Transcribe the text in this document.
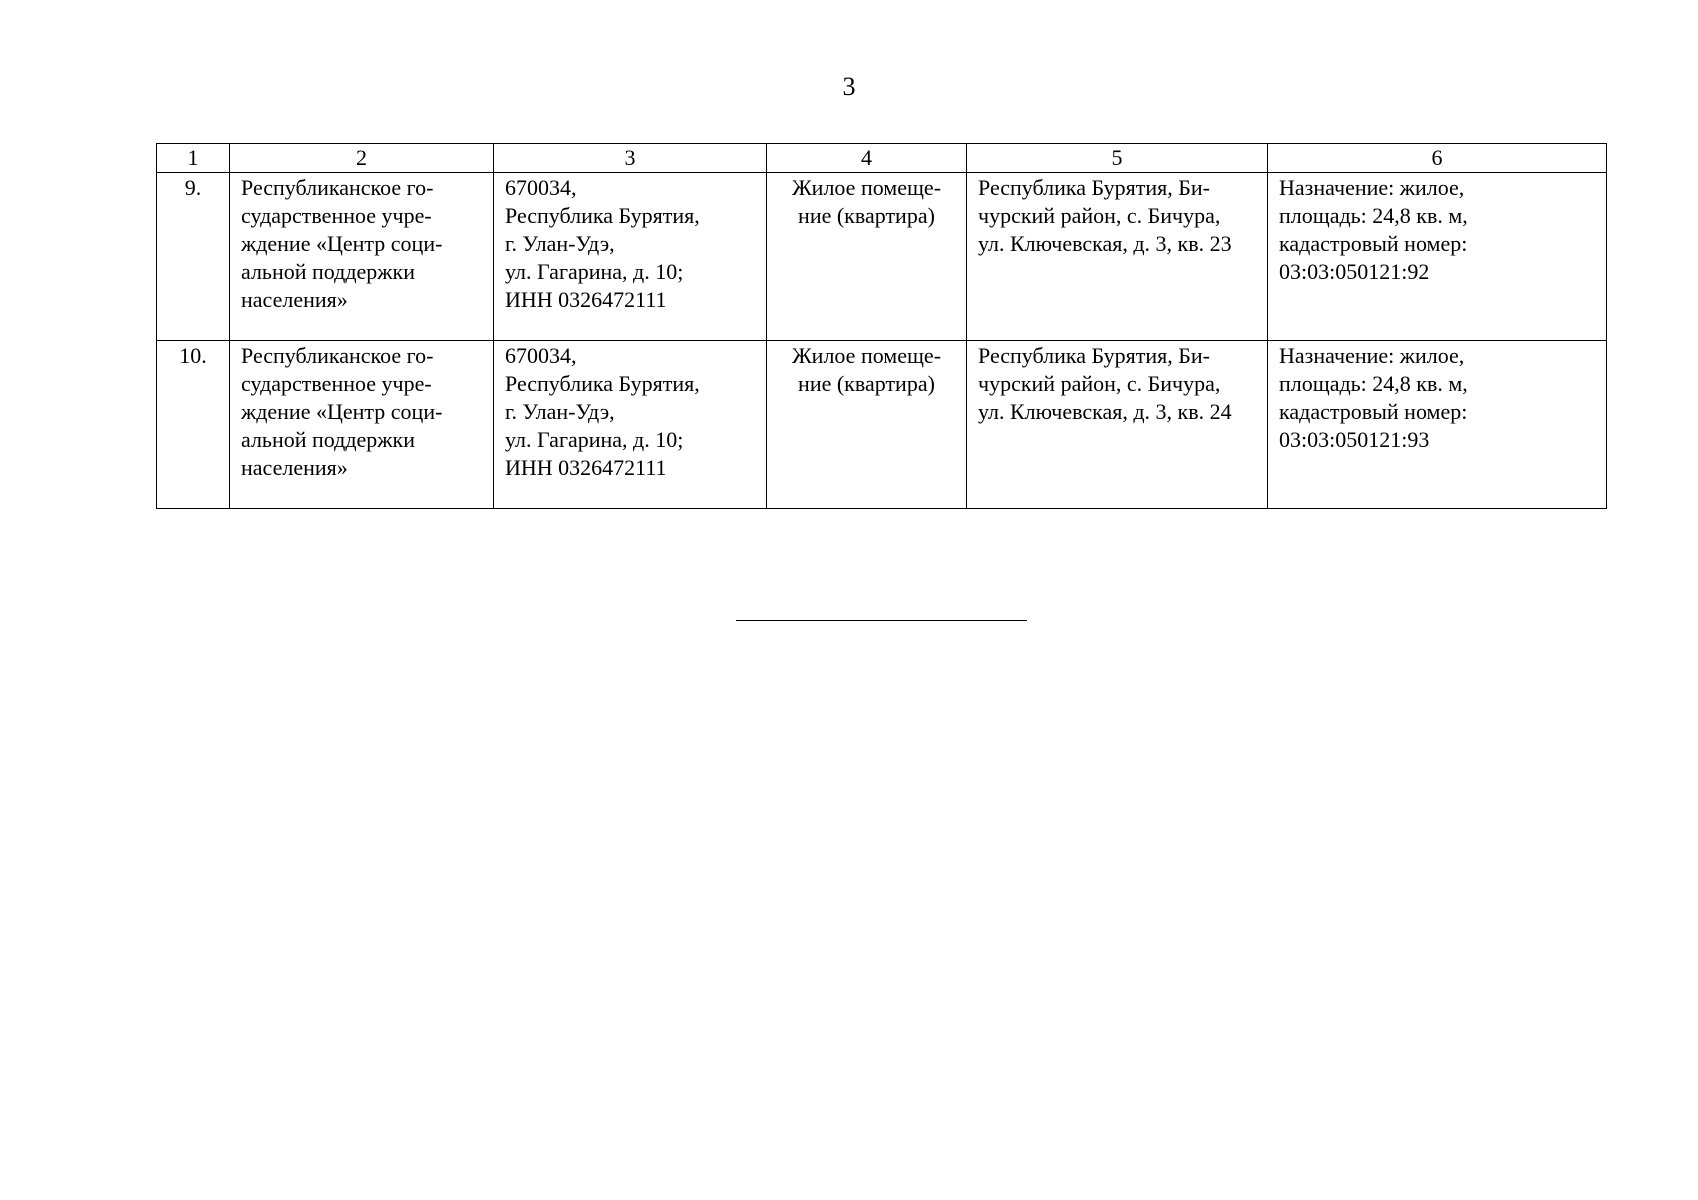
3
1	2	3	4	5	6
9.	Республиканское го-
сударственное учре-
ждение «Центр соци-
альной поддержки
населения»	670034,
Республика Бурятия,
г. Улан-Удэ,
ул. Гагарина, д. 10;
ИНН 0326472111	Жилое помеще-
ние (квартира)	Республика Бурятия, Би-
чурский район, с. Бичура,
ул. Ключевская, д. 3, кв. 23	Назначение: жилое,
площадь: 24,8 кв. м,
кадастровый номер:
03:03:050121:92

10.	Республиканское го-
сударственное учре-
ждение «Центр соци-
альной поддержки
населения»	670034,
Республика Бурятия,
г. Улан-Удэ,
ул. Гагарина, д. 10;
ИНН 0326472111	Жилое помеще-
ние (квартира)	Республика Бурятия, Би-
чурский район, с. Бичура,
ул. Ключевская, д. 3, кв. 24	Назначение: жилое,
площадь: 24,8 кв. м,
кадастровый номер:
03:03:050121:93
